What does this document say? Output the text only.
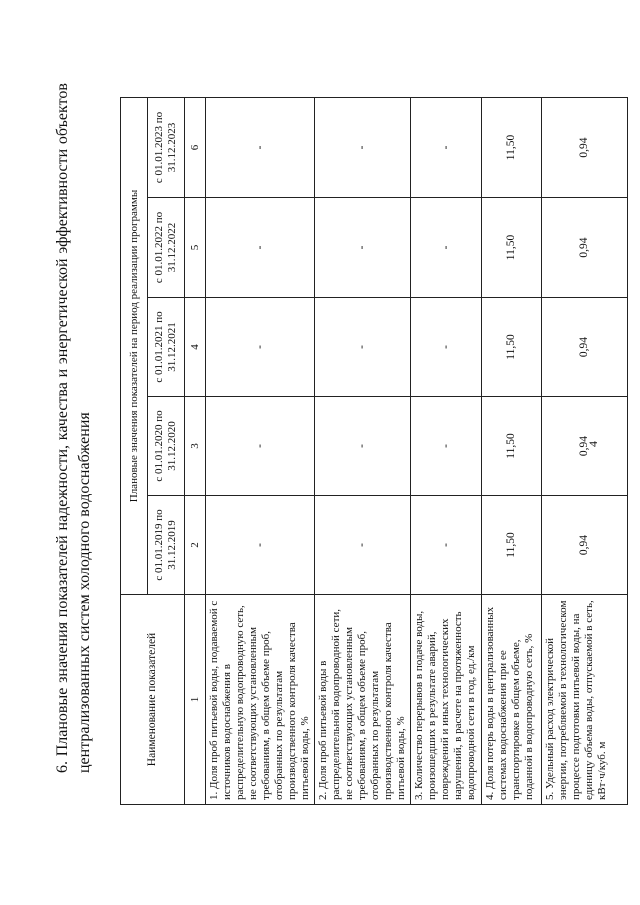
4
6.
Плановые
значения
показателей
надежности,
качества
и
энергетической
эффективности
объектов
централизованных систем холодного водоснабжения	Наименование показателей	Плановые значения показателей на период реализации программы				
	с 01.01.2019 по 31.12.2019	с 01.01.2020 по 31.12.2020	с 01.01.2021 по 31.12.2021	с 01.01.2022 по 31.12.2022	с 01.01.2023 по 31.12.2023
1	2	3	4	5	6
1. Доля проб питьевой воды, подаваемой с источников водоснабжения в распределительную водопроводную сеть, не соответствующих установленным требованиям, в общем объеме проб, отобранных по результатам производственного контроля качества питьевой воды, %	-	-	-	-	-
2. Доля проб питьевой воды в распределительной водопроводной сети, не соответствующих установленным требованиям, в общем объеме проб, отобранных по результатам производственного контроля качества питьевой воды, %	-	-	-	-	-
3. Количество перерывов в подаче воды, произошедших в результате аварий, повреждений и иных технологических нарушений, в расчете на протяженность водопроводной сети в год, ед./км	-	-	-	-	-
4. Доля потерь воды в централизованных системах водоснабжения при ее транспортировке в общем объеме, поданной в водопроводную сеть, %	11,50	11,50	11,50	11,50	11,50
5. Удельный расход электрической энергии, потребляемой в технологическом процессе подготовки питьевой воды, на единицу объема воды, отпускаемой в сеть, кВт·ч/куб. м	0,94	0,94	0,94	0,94	0,94
